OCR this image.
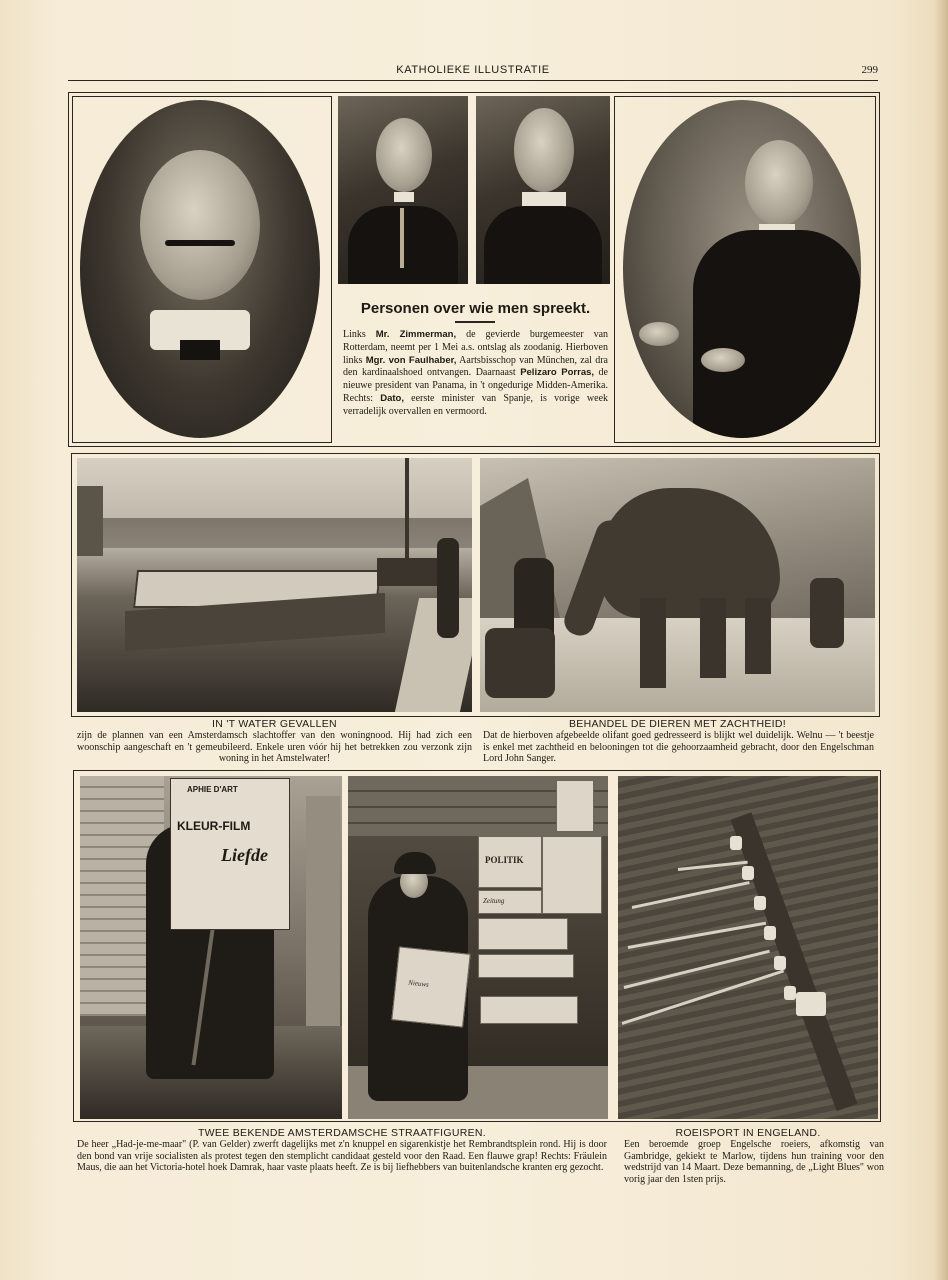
KATHOLIEKE ILLUSTRATIE	299
Personen over wie men spreekt.
Links Mr. Zimmerman, de gevierde burgemeester van Rotterdam, neemt per 1 Mei a.s. ontslag als zoodanig. Hierboven links Mgr. von Faulhaber, Aartsbisschop van München, zal dra den kardinaalshoed ontvangen. Daarnaast Pelizaro Porras, de nieuwe president van Panama, in 't ongedurige Midden-Amerika. Rechts: Dato, eerste minister van Spanje, is vorige week verradelijk overvallen en vermoord.
IN 'T WATER GEVALLEN
zijn de plannen van een Amsterdamsch slachtoffer van den woningnood. Hij had zich een woonschip aangeschaft en 't gemeubileerd. Enkele uren vóór hij het betrekken zou verzonk zijn woning in het Amstelwater!
BEHANDEL DE DIEREN MET ZACHTHEID!
Dat de hierboven afgebeelde olifant goed gedresseerd is blijkt wel duidelijk. Welnu — 't beestje is enkel met zachtheid en belooningen tot die gehoorzaamheid gebracht, door den Engelschman Lord John Sanger.
APHIE D'ART
KLEUR-FILM
Liefde
Nieuws
POLITIK
Zeitung
TWEE BEKENDE AMSTERDAMSCHE STRAATFIGUREN.
De heer „Had-je-me-maar" (P. van Gelder) zwerft dagelijks met z'n knuppel en sigarenkistje het Rembrandtsplein rond. Hij is door den bond van vrije socialisten als protest tegen den stemplicht candidaat gesteld voor den Raad. Een flauwe grap! Rechts: Fräulein Maus, die aan het Victoria-hotel hoek Damrak, haar vaste plaats heeft. Ze is bij liefhebbers van buitenlandsche kranten erg gezocht.
ROEISPORT IN ENGELAND.
Een beroemde groep Engelsche roeiers, afkomstig van Gambridge, gekiekt te Marlow, tijdens hun training voor den wedstrijd van 14 Maart. Deze bemanning, de „Light Blues" won vorig jaar den 1sten prijs.
